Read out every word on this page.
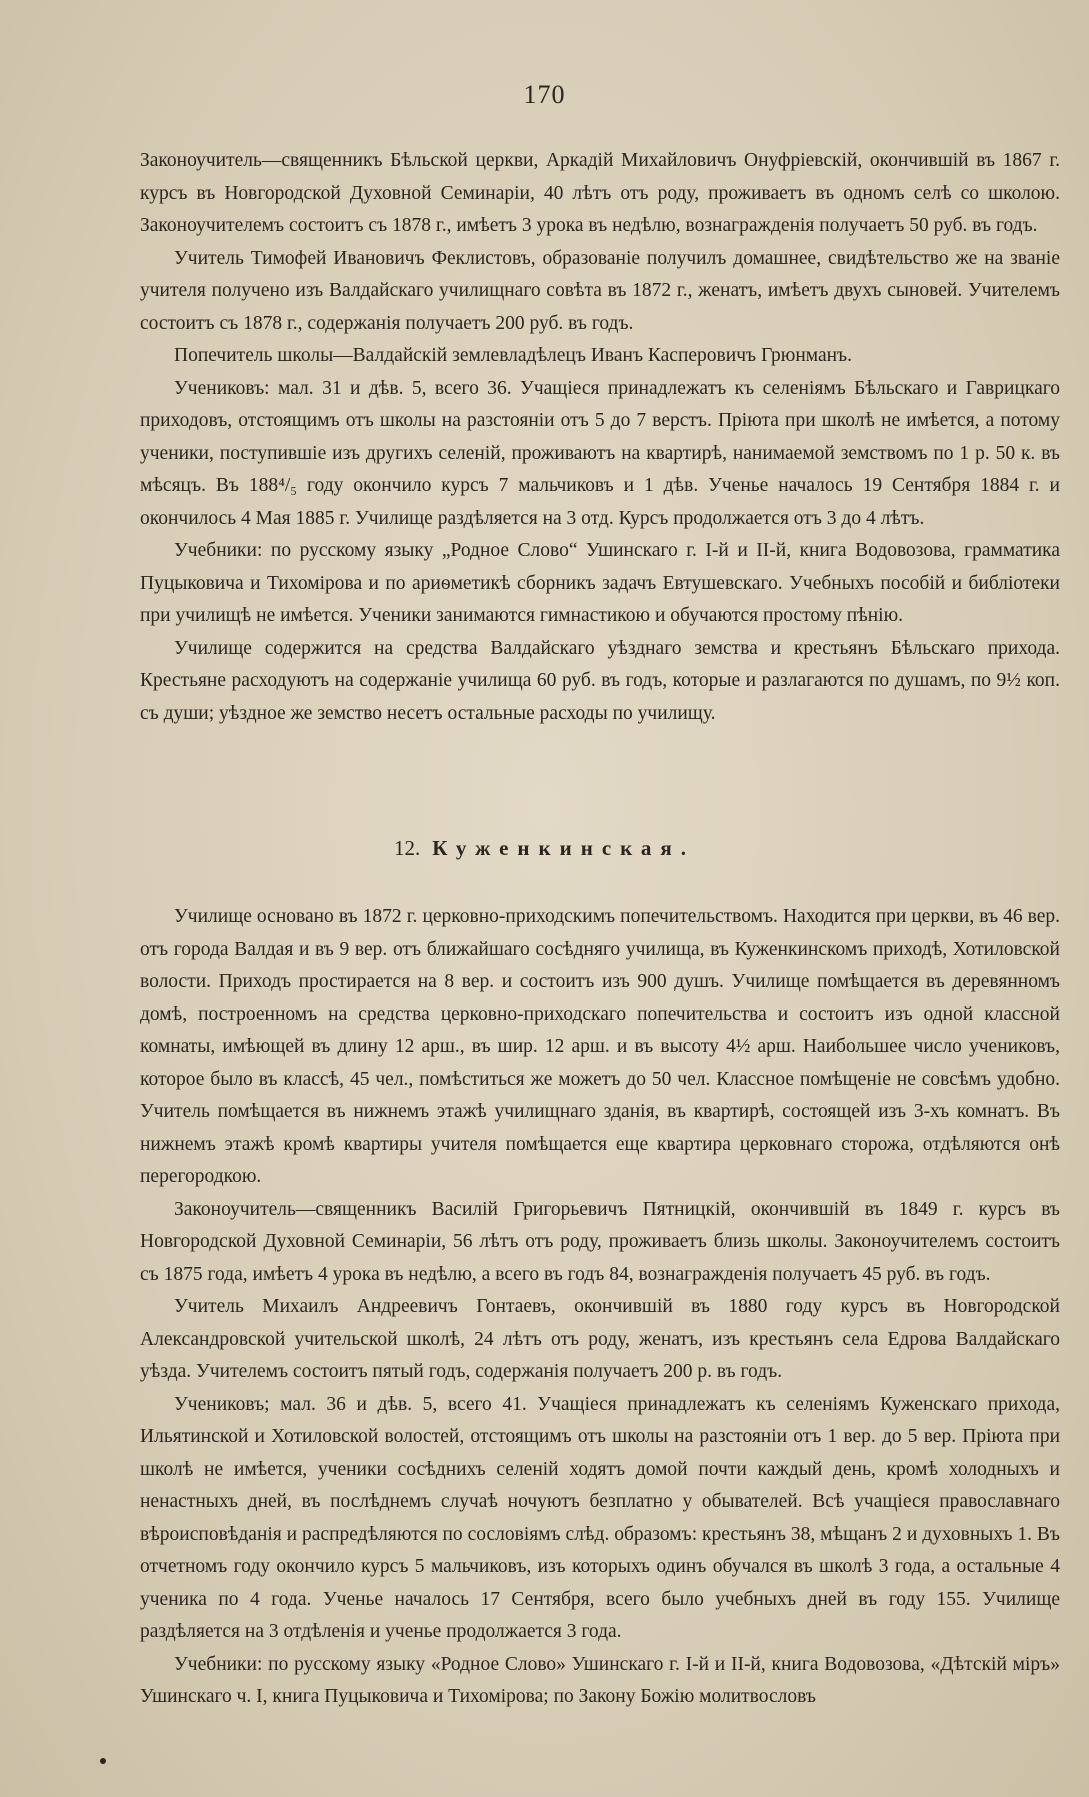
170

Законоучитель—священникъ Бѣльской церкви, Аркадій Михайловичъ Онуфріевскій, окончившій въ 1867 г. курсъ въ Новгородской Духовной Семинаріи, 40 лѣтъ отъ роду, проживаетъ въ одномъ селѣ со школою. Законоучителемъ состоитъ съ 1878 г., имѣетъ 3 урока въ недѣлю, вознагражденія получаетъ 50 руб. въ годъ.

Учитель Тимофей Ивановичъ Феклистовъ, образованіе получилъ домашнее, свидѣтельство же на званіе учителя получено изъ Валдайскаго училищнаго совѣта въ 1872 г., женатъ, имѣетъ двухъ сыновей. Учителемъ состоитъ съ 1878 г., содержанія получаетъ 200 руб. въ годъ.

Попечитель школы—Валдайскій землевладѣлецъ Иванъ Касперовичъ Грюнманъ.

Учениковъ: мал. 31 и дѣв. 5, всего 36. Учащіеся принадлежатъ къ селеніямъ Бѣльскаго и Гаврицкаго приходовъ, отстоящимъ отъ школы на разстояніи отъ 5 до 7 верстъ. Пріюта при школѣ не имѣется, а потому ученики, поступившіе изъ другихъ селеній, проживаютъ на квартирѣ, нанимаемой земствомъ по 1 р. 50 к. въ мѣсяцъ. Въ 188⁴/₅ году окончило курсъ 7 мальчиковъ и 1 дѣв. Ученье началось 19 Сентября 1884 г. и окончилось 4 Мая 1885 г. Училище раздѣляется на 3 отд. Курсъ продолжается отъ 3 до 4 лѣтъ.

Учебники: по русскому языку „Родное Слово“ Ушинскаго г. I-й и II-й, книга Водовозова, грамматика Пуцыковича и Тихомірова и по ариѳметикѣ сборникъ задачъ Евтушевскаго. Учебныхъ пособій и библіотеки при училищѣ не имѣется. Ученики занимаются гимнастикою и обучаются простому пѣнію.

Училище содержится на средства Валдайскаго уѣзднаго земства и крестьянъ Бѣльскаго прихода. Крестьяне расходуютъ на содержаніе училища 60 руб. въ годъ, которые и разлагаются по душамъ, по 9½ коп. съ души; уѣздное же земство несетъ остальные расходы по училищу.

12. Куженкинская.

Училище основано въ 1872 г. церковно-приходскимъ попечительствомъ. Находится при церкви, въ 46 вер. отъ города Валдая и въ 9 вер. отъ ближайшаго сосѣдняго училища, въ Куженкинскомъ приходѣ, Хотиловской волости. Приходъ простирается на 8 вер. и состоитъ изъ 900 душъ. Училище помѣщается въ деревянномъ домѣ, построенномъ на средства церковно-приходскаго попечительства и состоитъ изъ одной классной комнаты, имѣющей въ длину 12 арш., въ шир. 12 арш. и въ высоту 4½ арш. Наибольшее число учениковъ, которое было въ классѣ, 45 чел., помѣститься же можетъ до 50 чел. Классное помѣщеніе не совсѣмъ удобно. Учитель помѣщается въ нижнемъ этажѣ училищнаго зданія, въ квартирѣ, состоящей изъ 3-хъ комнатъ. Въ нижнемъ этажѣ кромѣ квартиры учителя помѣщается еще квартира церковнаго сторожа, отдѣляются онѣ перегородкою.

Законоучитель—священникъ Василій Григорьевичъ Пятницкій, окончившій въ 1849 г. курсъ въ Новгородской Духовной Семинаріи, 56 лѣтъ отъ роду, проживаетъ близь школы. Законоучителемъ состоитъ съ 1875 года, имѣетъ 4 урока въ недѣлю, а всего въ годъ 84, вознагражденія получаетъ 45 руб. въ годъ.

Учитель Михаилъ Андреевичъ Гонтаевъ, окончившій въ 1880 году курсъ въ Новгородской Александровской учительской школѣ, 24 лѣтъ отъ роду, женатъ, изъ крестьянъ села Едрова Валдайскаго уѣзда. Учителемъ состоитъ пятый годъ, содержанія получаетъ 200 р. въ годъ.

Учениковъ; мал. 36 и дѣв. 5, всего 41. Учащіеся принадлежатъ къ селеніямъ Куженскаго прихода, Ильятинской и Хотиловской волостей, отстоящимъ отъ школы на разстояніи отъ 1 вер. до 5 вер. Пріюта при школѣ не имѣется, ученики сосѣднихъ селеній ходятъ домой почти каждый день, кромѣ холодныхъ и ненастныхъ дней, въ послѣднемъ случаѣ ночуютъ безплатно у обывателей. Всѣ учащіеся православнаго вѣроисповѣданія и распредѣляются по сословіямъ слѣд. образомъ: крестьянъ 38, мѣщанъ 2 и духовныхъ 1. Въ отчетномъ году окончило курсъ 5 мальчиковъ, изъ которыхъ одинъ обучался въ школѣ 3 года, а остальные 4 ученика по 4 года. Ученье началось 17 Сентября, всего было учебныхъ дней въ году 155. Училище раздѣляется на 3 отдѣленія и ученье продолжается 3 года.

Учебники: по русскому языку «Родное Слово» Ушинскаго г. I-й и II-й, книга Водовозова, «Дѣтскій міръ» Ушинскаго ч. I, книга Пуцыковича и Тихомірова; по Закону Божію молитвословъ
